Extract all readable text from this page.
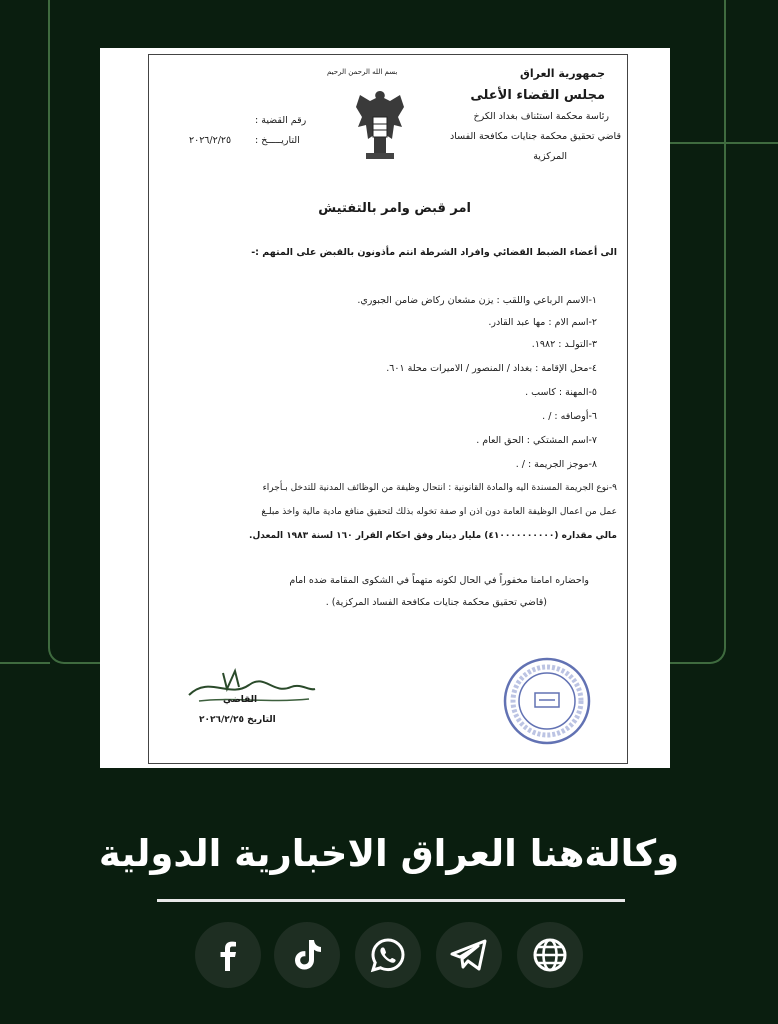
جمهورية العراق
مجلس القضاء الأعلى
رئاسة محكمة استئناف بغداد الكرخ
قاضي تحقيق محكمة جنايات مكافحة الفساد
المركزية
بسم الله الرحمن الرحيم
رقم القضية :
التاريـــــخ :
٢٠٢٦/٢/٢٥
امر قبض وامر بالتفتيش
الى أعضاء الضبط القضائي وافراد الشرطة انتم مأذونون بالقبض على المتهم :-
١-الاسم الرباعي واللقب : يزن مشعان ركاض ضامن الجبوري.
٢-اسم الام : مها عبد القادر.
٣-التولـد : ١٩٨٢.
٤-محل الإقامة : بغداد / المنصور / الاميرات محلة ٦٠١.
٥-المهنة : كاسب .
٦-أوصافه : / .
٧-اسم المشتكي : الحق العام .
٨-موجز الجريمة : / .
٩-نوع الجريمة المسندة اليه والمادة القانونية : انتحال وظيفة من الوظائف المدنية للتدخل بـأجراء
عمل من اعمال الوظيفة العامة دون اذن او صفة تخوله بذلك لتحقيق منافع مادية مالية واخذ مبلـغ
مالي مقداره (٤١٠٠٠٠٠٠٠٠٠٠) مليار دينار وفق احكام القرار ١٦٠ لسنة ١٩٨٣ المعدل.
واحضاره امامنا مخفوراً في الحال لكونه متهماً في الشكوى المقامة ضده امام
(قاضي تحقيق محكمة جنايات مكافحة الفساد المركزية) .
القاضي
التاريخ ٢٠٢٦/٢/٢٥
وكالةهنا العراق الاخبارية الدولية
